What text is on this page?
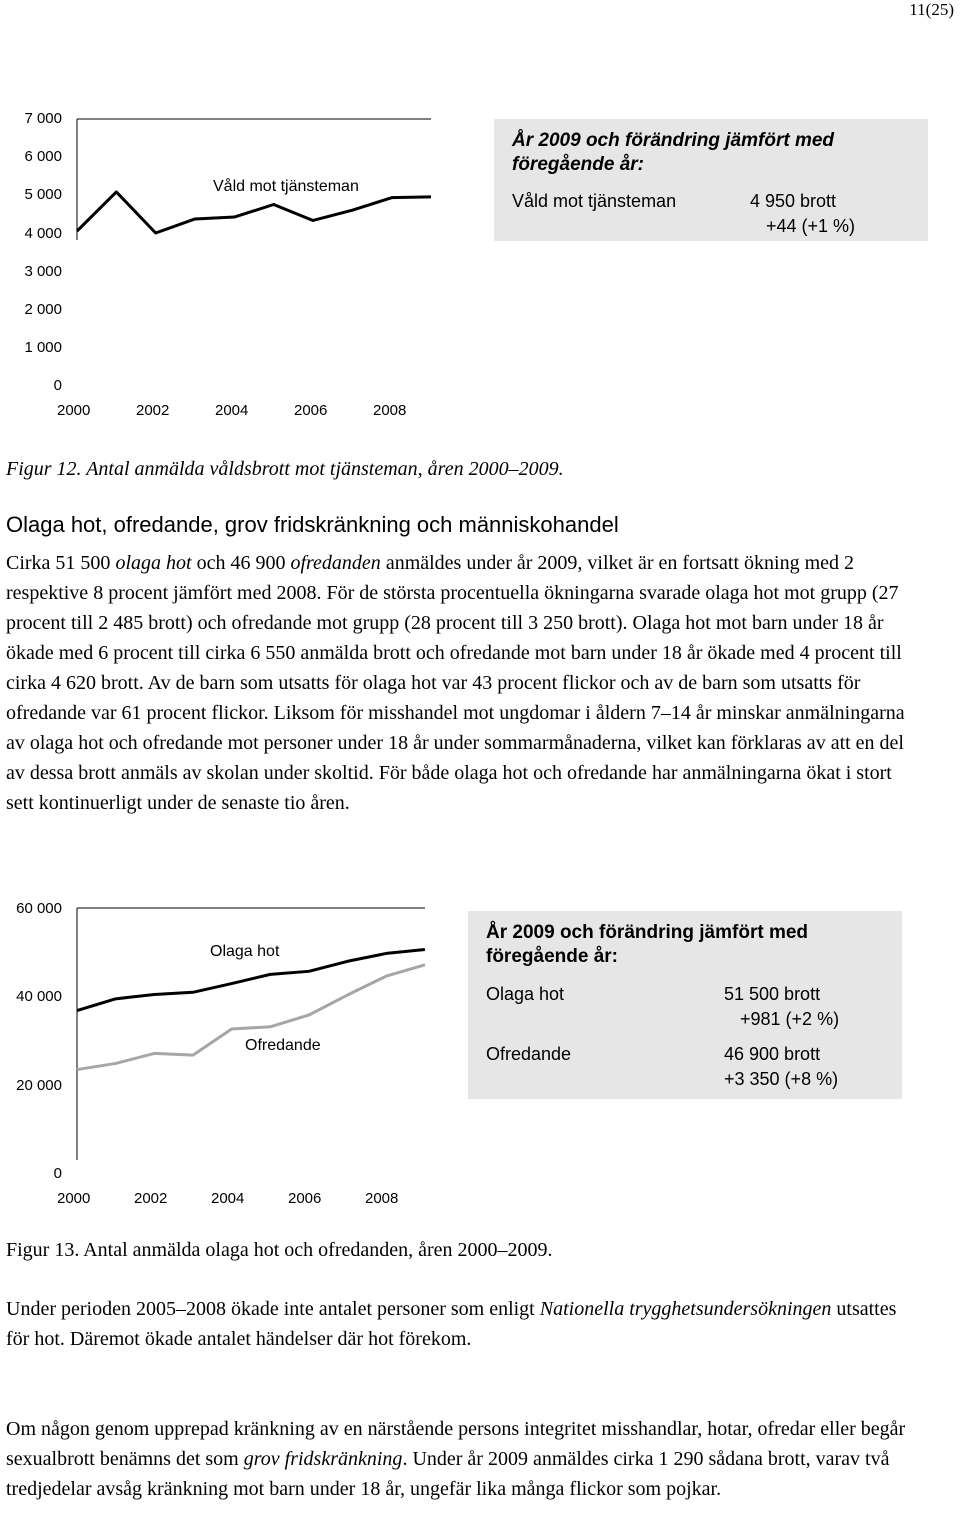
11(25)
7 000
6 000
5 000
4 000
3 000
2 000
1 000
0
2000	2002	2004	2006	2008
Våld mot tjänsteman
År 2009 och förändring jämfört med föregående år:
Våld mot tjänsteman	4 950 brott
+44 (+1 %)
Figur 12. Antal anmälda våldsbrott mot tjänsteman, åren 2000–2009.
Olaga hot, ofredande, grov fridskränkning och människohandel
Cirka 51 500 olaga hot och 46 900 ofredanden anmäldes under år 2009, vilket är en fortsatt ökning med 2 respektive 8 procent jämfört med 2008. För de största procentuella ökningarna svarade olaga hot mot grupp (27 procent till 2 485 brott) och ofredande mot grupp (28 procent till 3 250 brott). Olaga hot mot barn under 18 år ökade med 6 procent till cirka 6 550 anmälda brott och ofredande mot barn under 18 år ökade med 4 procent till cirka 4 620 brott. Av de barn som utsatts för olaga hot var 43 procent flickor och av de barn som utsatts för ofredande var 61 procent flickor. Liksom för misshandel mot ungdomar i åldern 7–14 år minskar anmälningarna av olaga hot och ofredande mot personer under 18 år under sommarmånaderna, vilket kan förklaras av att en del av dessa brott anmäls av skolan under skoltid. För både olaga hot och ofredande har anmälningarna ökat i stort sett kontinuerligt under de senaste tio åren.
60 000
40 000
20 000
0
2000	2002	2004	2006	2008
Olaga hot
Ofredande
År 2009 och förändring jämfört med föregående år:
Olaga hot	51 500 brott
+981 (+2 %)
Ofredande	46 900 brott
+3 350 (+8 %)
Figur 13. Antal anmälda olaga hot och ofredanden, åren 2000–2009.
Under perioden 2005–2008 ökade inte antalet personer som enligt Nationella trygghetsundersökningen utsattes för hot. Däremot ökade antalet händelser där hot förekom.
Om någon genom upprepad kränkning av en närstående persons integritet misshandlar, hotar, ofredar eller begår sexualbrott benämns det som grov fridskränkning. Under år 2009 anmäldes cirka 1 290 sådana brott, varav två tredjedelar avsåg kränkning mot barn under 18 år, ungefär lika många flickor som pojkar.
